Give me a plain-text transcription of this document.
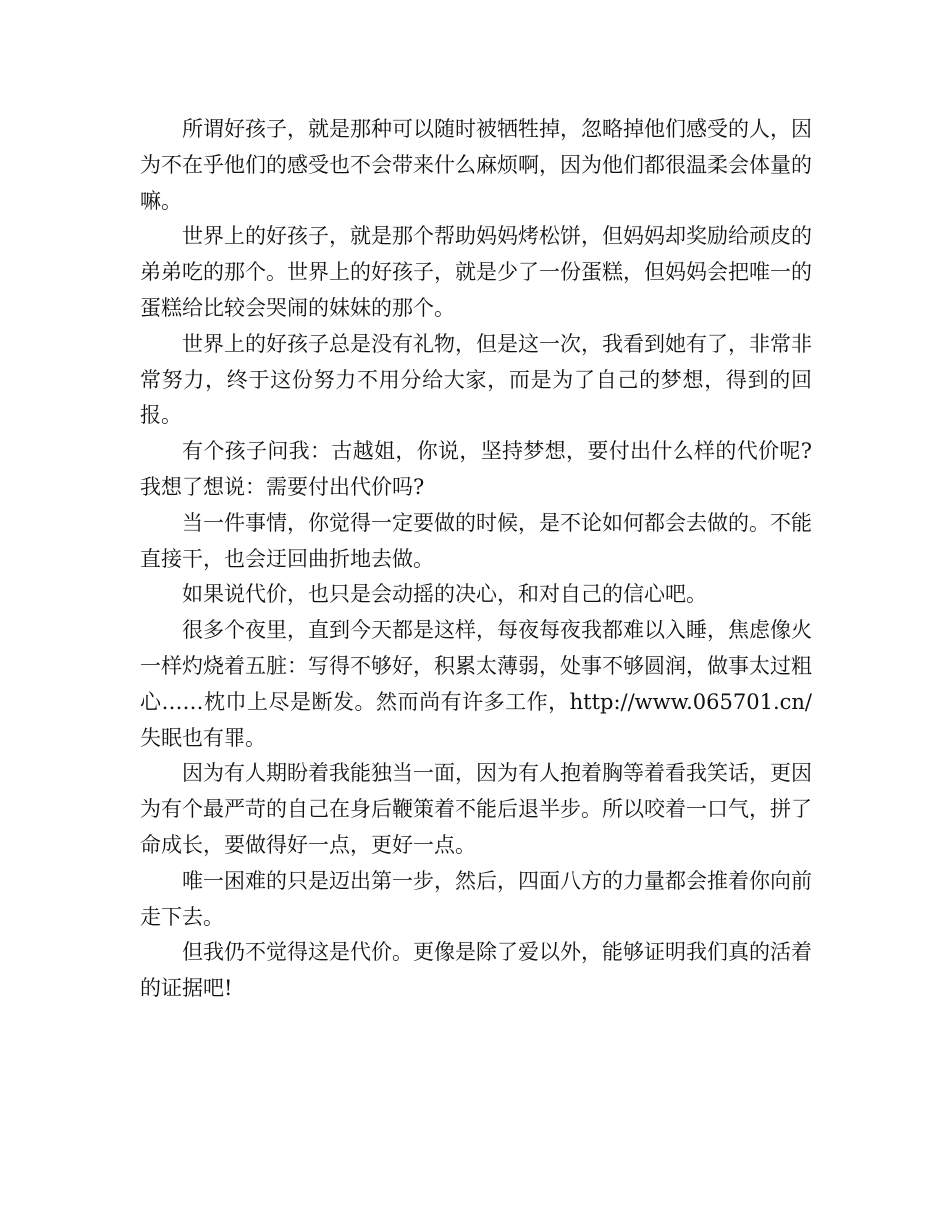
所谓好孩子，就是那种可以随时被牺牲掉，忽略掉他们感受的人，因为不在乎他们的感受也不会带来什么麻烦啊，因为他们都很温柔会体量的嘛。

世界上的好孩子，就是那个帮助妈妈烤松饼，但妈妈却奖励给顽皮的弟弟吃的那个。世界上的好孩子，就是少了一份蛋糕，但妈妈会把唯一的蛋糕给比较会哭闹的妹妹的那个。

世界上的好孩子总是没有礼物，但是这一次，我看到她有了，非常非常努力，终于这份努力不用分给大家，而是为了自己的梦想，得到的回报。

有个孩子问我：古越姐，你说，坚持梦想，要付出什么样的代价呢?我想了想说：需要付出代价吗?

当一件事情，你觉得一定要做的时候，是不论如何都会去做的。不能直接干，也会迂回曲折地去做。

如果说代价，也只是会动摇的决心，和对自己的信心吧。

很多个夜里，直到今天都是这样，每夜每夜我都难以入睡，焦虑像火一样灼烧着五脏：写得不够好，积累太薄弱，处事不够圆润，做事太过粗心……枕巾上尽是断发。然而尚有许多工作，http://www.065701.cn/失眠也有罪。

因为有人期盼着我能独当一面，因为有人抱着胸等着看我笑话，更因为有个最严苛的自己在身后鞭策着不能后退半步。所以咬着一口气，拼了命成长，要做得好一点，更好一点。

唯一困难的只是迈出第一步，然后，四面八方的力量都会推着你向前走下去。

但我仍不觉得这是代价。更像是除了爱以外，能够证明我们真的活着的证据吧!
